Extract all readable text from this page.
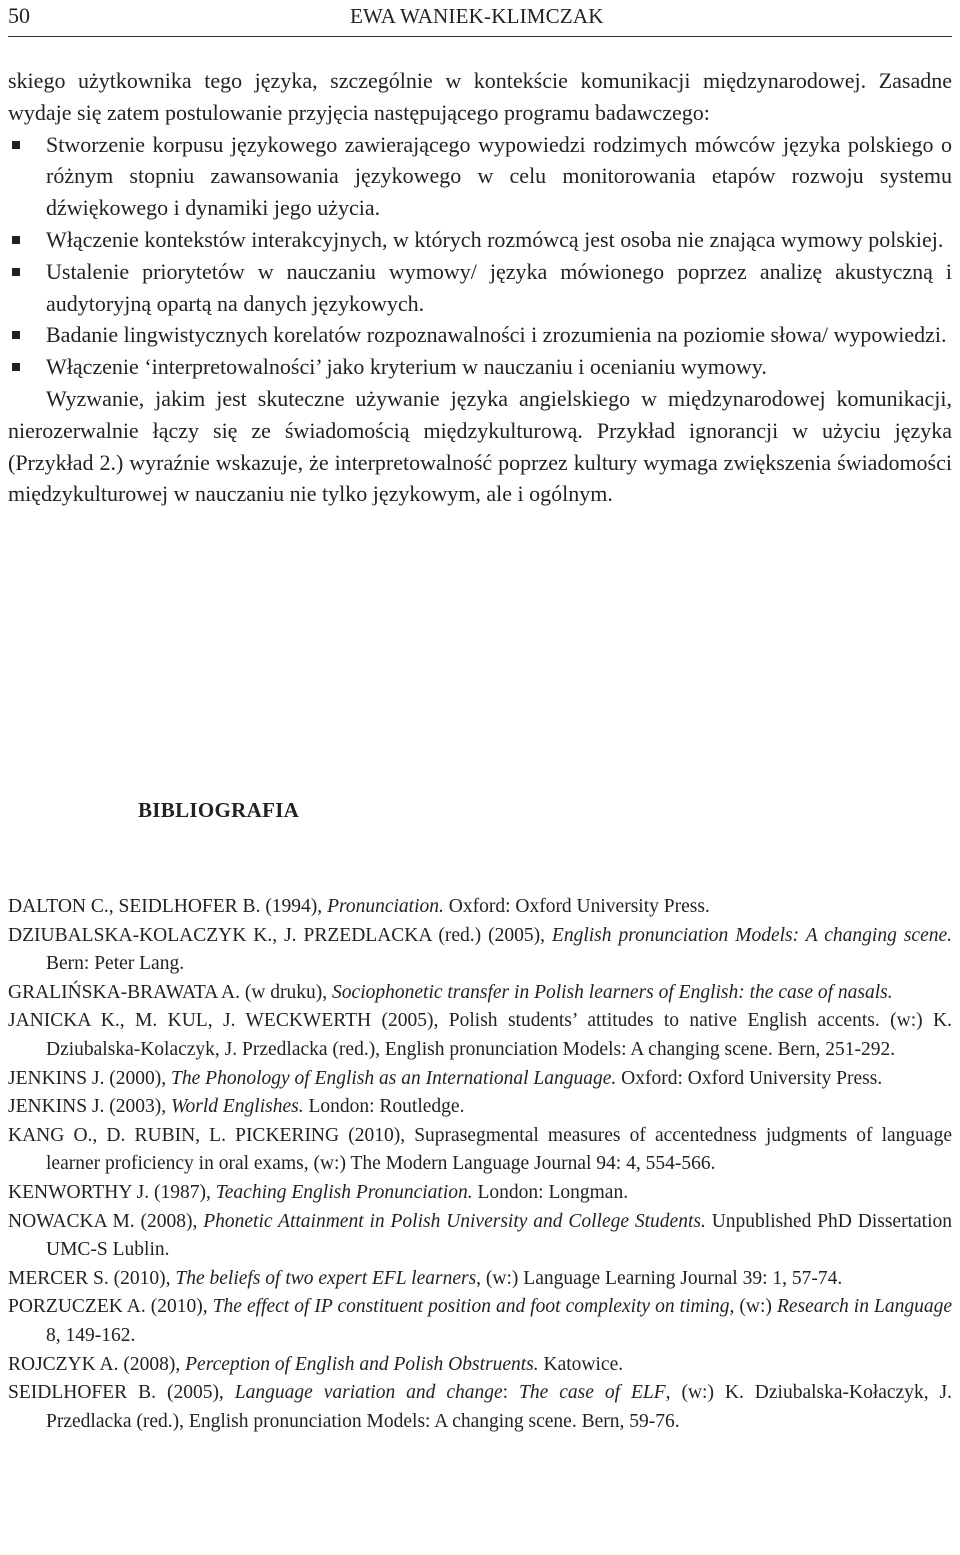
50	EWA WANIEK-KLIMCZAK

skiego użytkownika tego języka, szczególnie w kontekście komunikacji międzynarodowej. Zasadne wydaje się zatem postulowanie przyjęcia następującego programu badawczego:

Stworzenie korpusu językowego zawierającego wypowiedzi rodzimych mówców języka polskiego o różnym stopniu zawansowania językowego w celu monitorowania etapów rozwoju systemu dźwiękowego i dynamiki jego użycia.
Włączenie kontekstów interakcyjnych, w których rozmówcą jest osoba nie znająca wymowy polskiej.
Ustalenie priorytetów w nauczaniu wymowy/ języka mówionego poprzez analizę akustyczną i audytoryjną opartą na danych językowych.
Badanie lingwistycznych korelatów rozpoznawalności i zrozumienia na poziomie słowa/ wypowiedzi.
Włączenie ‘interpretowalności’ jako kryterium w nauczaniu i ocenianiu wymowy.

Wyzwanie, jakim jest skuteczne używanie języka angielskiego w międzynarodowej komunikacji, nierozerwalnie łączy się ze świadomością międzykulturową. Przykład ignorancji w użyciu języka (Przykład 2.) wyraźnie wskazuje, że interpretowalność poprzez kultury wymaga zwiększenia świadomości międzykulturowej w nauczaniu nie tylko językowym, ale i ogólnym.

BIBLIOGRAFIA

DALTON C., SEIDLHOFER B. (1994), Pronunciation. Oxford: Oxford University Press.

DZIUBALSKA-KOLACZYK K., J. PRZEDLACKA (red.) (2005), English pronunciation Models: A changing scene. Bern: Peter Lang.

GRALIŃSKA-BRAWATA A. (w druku), Sociophonetic transfer in Polish learners of English: the case of nasals.

JANICKA K., M. KUL, J. WECKWERTH (2005), Polish students’ attitudes to native English accents. (w:) K. Dziubalska-Kolaczyk, J. Przedlacka (red.), English pronunciation Models: A changing scene. Bern, 251-292.

JENKINS J. (2000), The Phonology of English as an International Language. Oxford: Oxford University Press.

JENKINS J. (2003), World Englishes. London: Routledge.

KANG O., D. RUBIN, L. PICKERING (2010), Suprasegmental measures of accentedness judgments of language learner proficiency in oral exams, (w:) The Modern Language Journal 94: 4, 554-566.

KENWORTHY J. (1987), Teaching English Pronunciation. London: Longman.

NOWACKA M. (2008), Phonetic Attainment in Polish University and College Students. Unpublished PhD Dissertation UMC-S Lublin.

MERCER S. (2010), The beliefs of two expert EFL learners, (w:) Language Learning Journal 39: 1, 57-74.

PORZUCZEK A. (2010), The effect of IP constituent position and foot complexity on timing, (w:) Research in Language 8, 149-162.

ROJCZYK A. (2008), Perception of English and Polish Obstruents. Katowice.

SEIDLHOFER B. (2005), Language variation and change: The case of ELF, (w:) K. Dziubalska-Kołaczyk, J. Przedlacka (red.), English pronunciation Models: A changing scene. Bern, 59-76.
